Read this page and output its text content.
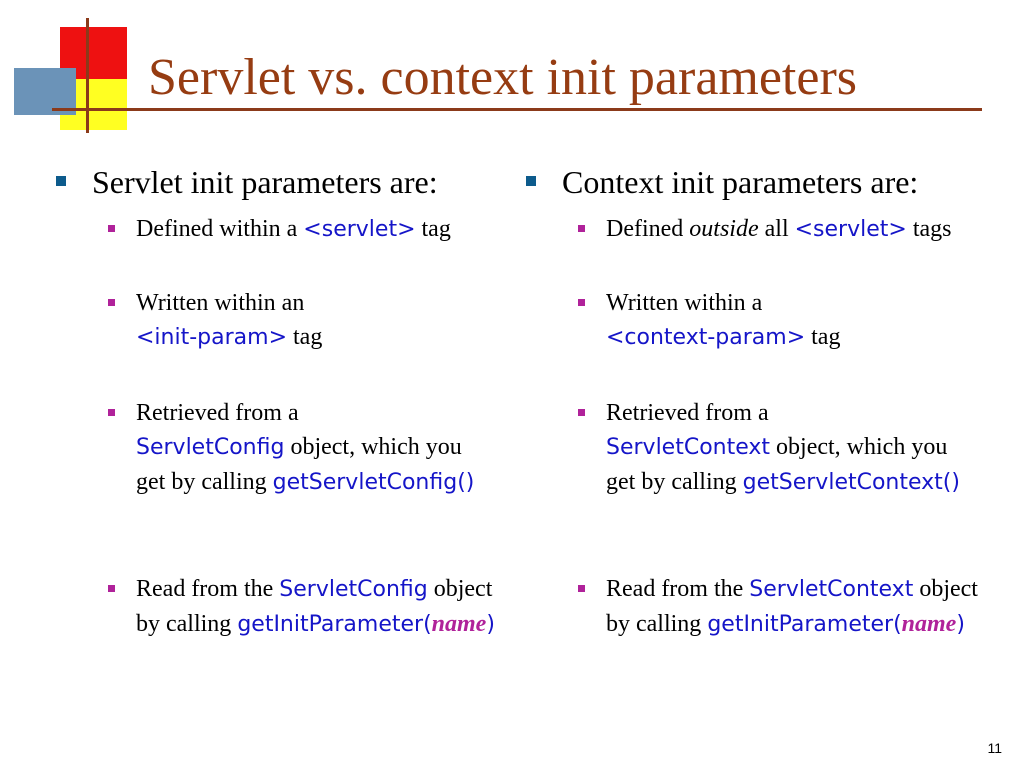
Servlet vs. context init parameters
Servlet init parameters are:
Defined within a <servlet> tag
Written within an
<init-param> tag
Retrieved from a
ServletConfig object, which you get by calling getServletConfig()
Read from the ServletConfig object by calling getInitParameter(name)
Context init parameters are:
Defined outside all <servlet> tags
Written within a
<context-param> tag
Retrieved from a
ServletContext object, which you get by calling getServletContext()
Read from the ServletContext object by calling getInitParameter(name)
11
